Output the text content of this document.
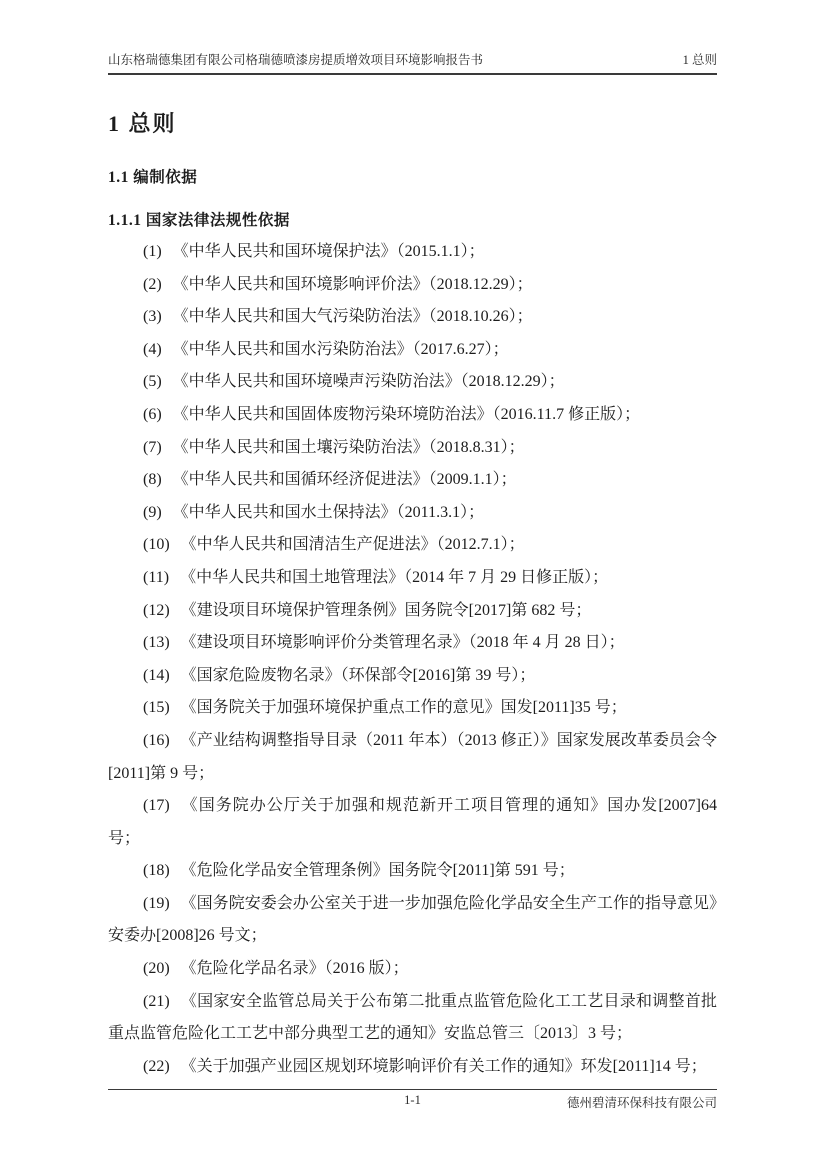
山东格瑞德集团有限公司格瑞德喷漆房提质增效项目环境影响报告书	1 总则
1 总则
1.1 编制依据
1.1.1 国家法律法规性依据

(1) 《中华人民共和国环境保护法》（2015.1.1）；

(2) 《中华人民共和国环境影响评价法》（2018.12.29）；

(3) 《中华人民共和国大气污染防治法》（2018.10.26）；

(4) 《中华人民共和国水污染防治法》（2017.6.27）；

(5) 《中华人民共和国环境噪声污染防治法》（2018.12.29）；

(6) 《中华人民共和国固体废物污染环境防治法》（2016.11.7 修正版）；

(7) 《中华人民共和国土壤污染防治法》（2018.8.31）；

(8) 《中华人民共和国循环经济促进法》（2009.1.1）；

(9) 《中华人民共和国水土保持法》（2011.3.1）；

(10) 《中华人民共和国清洁生产促进法》（2012.7.1）；

(11) 《中华人民共和国土地管理法》（2014 年 7 月 29 日修正版）；

(12) 《建设项目环境保护管理条例》国务院令[2017]第 682 号；

(13) 《建设项目环境影响评价分类管理名录》（2018 年 4 月 28 日）；

(14) 《国家危险废物名录》（环保部令[2016]第 39 号）；

(15) 《国务院关于加强环境保护重点工作的意见》国发[2011]35 号；

(16) 《产业结构调整指导目录（2011 年本）（2013 修正）》国家发展改革委员会令[2011]第 9 号；

(17) 《国务院办公厅关于加强和规范新开工项目管理的通知》国办发[2007]64 号；

(18) 《危险化学品安全管理条例》国务院令[2011]第 591 号；

(19) 《国务院安委会办公室关于进一步加强危险化学品安全生产工作的指导意见》安委办[2008]26 号文；

(20) 《危险化学品名录》（2016 版）；

(21) 《国家安全监管总局关于公布第二批重点监管危险化工工艺目录和调整首批重点监管危险化工工艺中部分典型工艺的通知》安监总管三〔2013〕3 号；

(22) 《关于加强产业园区规划环境影响评价有关工作的通知》环发[2011]14 号；

1-1	德州碧清环保科技有限公司
